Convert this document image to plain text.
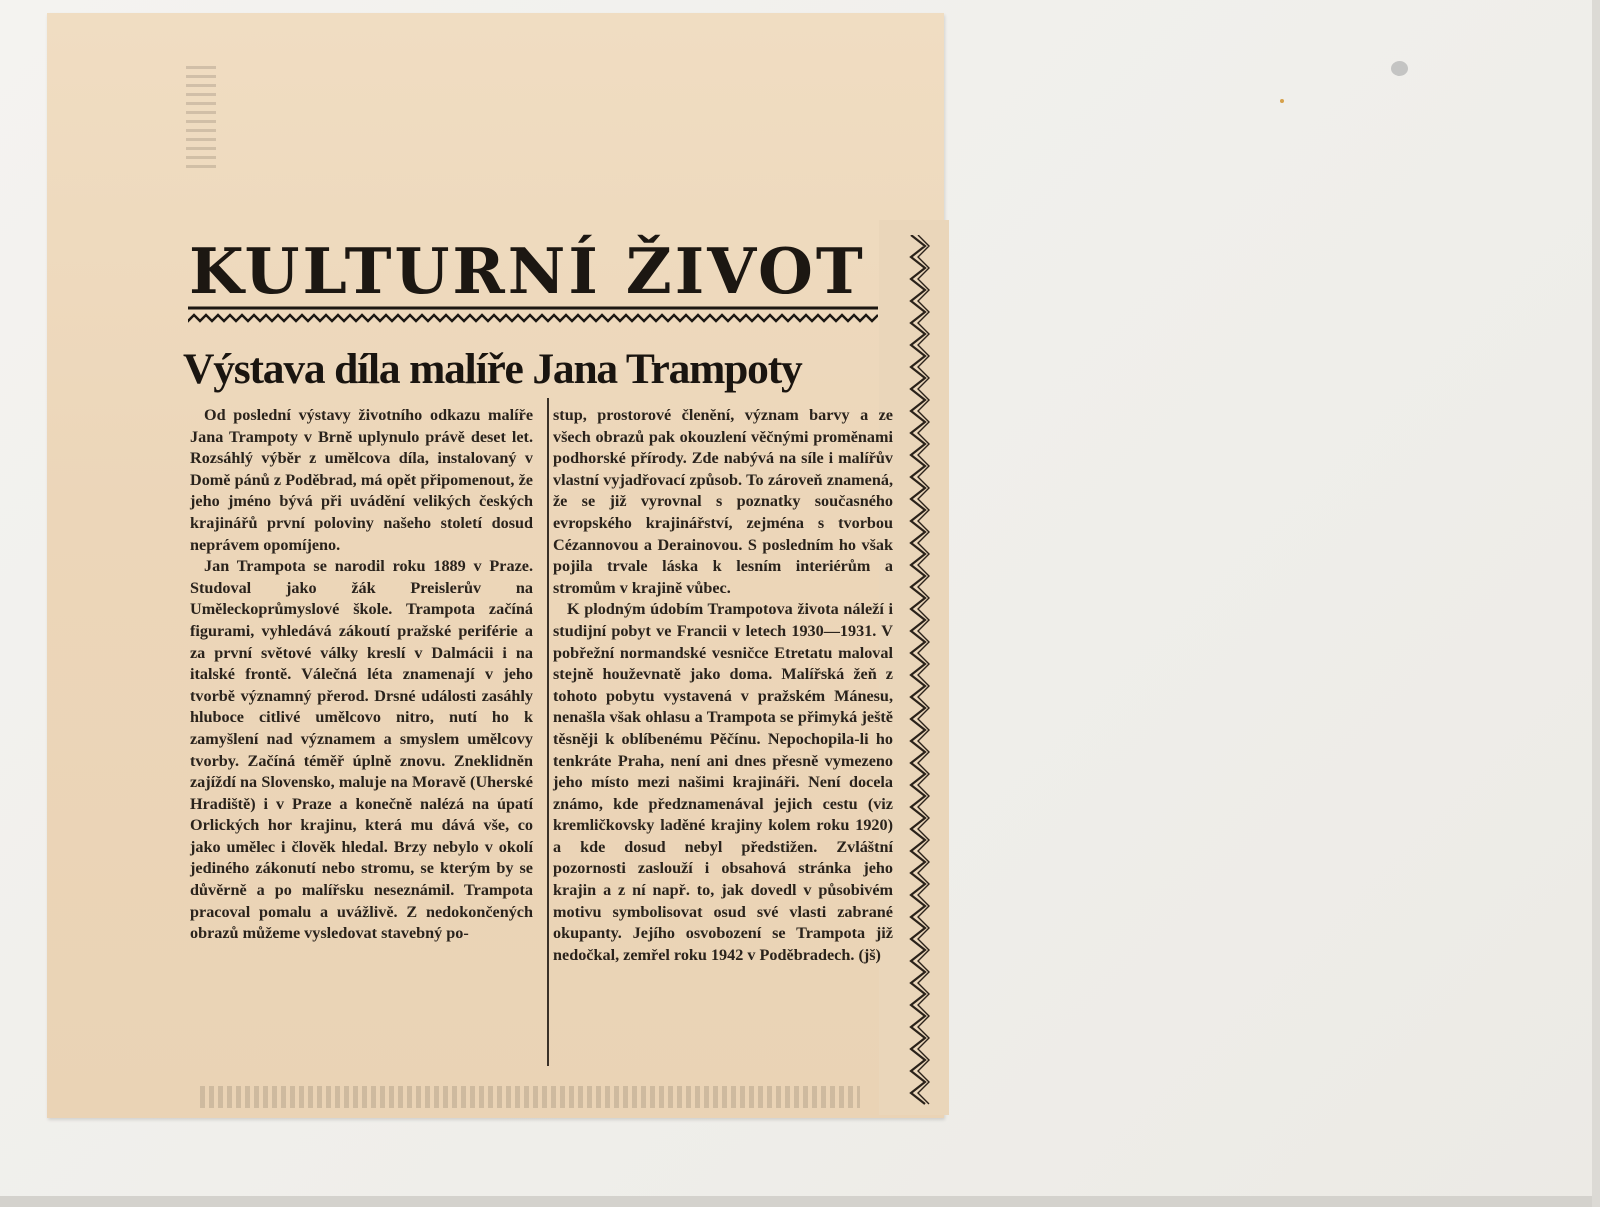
KULTURNÍ ŽIVOT
Výstava díla malíře Jana Trampoty

Od poslední výstavy životního odkazu malíře Jana Trampoty v Brně uplynulo právě deset let. Rozsáhlý výběr z umělcova díla, instalovaný v Domě pánů z Poděbrad, má opět připomenout, že jeho jméno bývá při uvádění velikých českých krajinářů první poloviny našeho století dosud neprávem opomíjeno.

Jan Trampota se narodil roku 1889 v Praze. Studoval jako žák Preislerův na Uměleckoprůmyslové škole. Trampota začíná figurami, vyhledává zákoutí pražské periférie a za první světové války kreslí v Dalmácii i na italské frontě. Válečná léta znamenají v jeho tvorbě významný přerod. Drsné události zasáhly hluboce citlivé umělcovo nitro, nutí ho k zamyšlení nad významem a smyslem umělcovy tvorby. Začíná téměř úplně znovu. Zneklidněn zajíždí na Slovensko, maluje na Moravě (Uherské Hradiště) i v Praze a konečně nalézá na úpatí Orlických hor krajinu, která mu dává vše, co jako umělec i člověk hledal. Brzy nebylo v okolí jediného zákonutí nebo stromu, se kterým by se důvěrně a po malířsku neseznámil. Trampota pracoval pomalu a uvážlivě. Z nedokončených obrazů můžeme vysledovat stavebný po-

stup, prostorové členění, význam barvy a ze všech obrazů pak okouzlení věčnými proměnami podhorské přírody. Zde nabývá na síle i malířův vlastní vyjadřovací způsob. To zároveň znamená, že se již vyrovnal s poznatky současného evropského krajinářství, zejména s tvorbou Cézannovou a Derainovou. S posledním ho však pojila trvale láska k lesním interiérům a stromům v krajině vůbec.

K plodným údobím Trampotova života náleží i studijní pobyt ve Francii v letech 1930—1931. V pobřežní normandské vesničce Etretatu maloval stejně houževnatě jako doma. Malířská žeň z tohoto pobytu vystavená v pražském Mánesu, nenašla však ohlasu a Trampota se přimyká ještě těsněji k oblíbenému Pěčínu. Nepochopila-li ho tenkráte Praha, není ani dnes přesně vymezeno jeho místo mezi našimi krajináři. Není docela známo, kde předznamenával jejich cestu (viz kremličkovsky laděné krajiny kolem roku 1920) a kde dosud nebyl předstižen. Zvláštní pozornosti zaslouží i obsahová stránka jeho krajin a z ní např. to, jak dovedl v působivém motivu symbolisovat osud své vlasti zabrané okupanty. Jejího osvobození se Trampota již nedočkal, zemřel roku 1942 v Poděbradech. (jš)
